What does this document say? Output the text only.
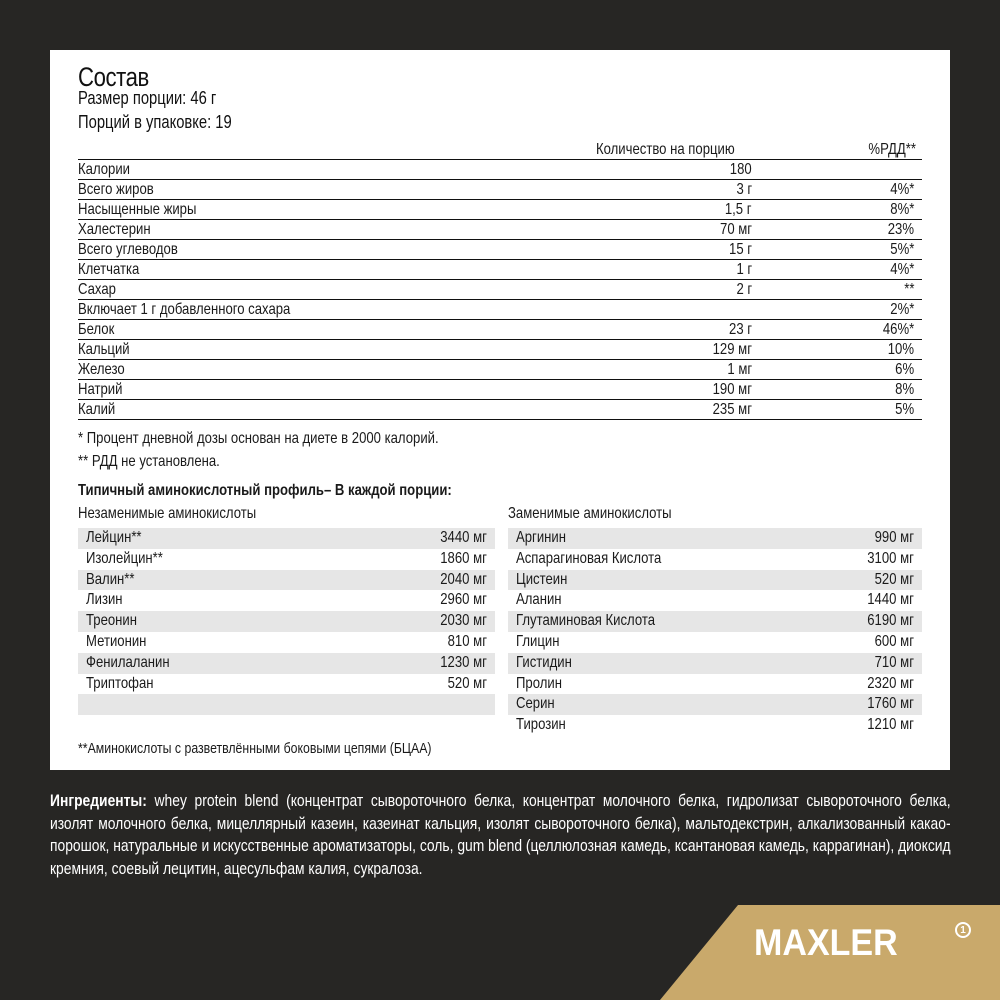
Состав
Размер порции: 46 г
Порций в упаковке: 19
Количество на порцию	%РДД**
Калории	180
Всего жиров	3 г	4%*
Насыщенные жиры	1,5 г	8%*
Халестерин	70 мг	23%
Всего углеводов	15 г	5%*
Клетчатка	1 г	4%*
Сахар	2 г	**
Включает 1 г добавленного сахара	2%*
Белок	23 г	46%*
Кальций	129 мг	10%
Железо	1 мг	6%
Натрий	190 мг	8%
Калий	235 мг	5%
* Процент дневной дозы основан на диете в 2000 калорий.
** РДД не установлена.
Типичный аминокислотный профиль– В каждой порции:
Незаменимые аминокислоты	Заменимые аминокислоты
Лейцин**	3440 мг
Изолейцин**	1860 мг
Валин**	2040 мг
Лизин	2960 мг
Треонин	2030 мг
Метионин	810 мг
Фенилаланин	1230 мг
Триптофан	520 мг
Аргинин	990 мг
Аспарагиновая Кислота	3100 мг
Цистеин	520 мг
Аланин	1440 мг
Глутаминовая Кислота	6190 мг
Глицин	600 мг
Гистидин	710 мг
Пролин	2320 мг
Серин	1760 мг
Тирозин	1210 мг
**Аминокислоты с разветвлёнными боковыми цепями (БЦАА)
Ингредиенты: whey protein blend (концентрат сывороточного белка, концентрат молочного белка, гидролизат сывороточного белка, изолят молочного белка, мицеллярный казеин, казеинат кальция, изолят сывороточного белка), мальтодекстрин, алкализованный какао-порошок, натуральные и искусственные ароматизаторы, соль, gum blend (целлюлозная камедь, ксантановая камедь, каррагинан), диоксид кремния, соевый лецитин, ацесульфам калия, сукралоза.
MAXLER	1
